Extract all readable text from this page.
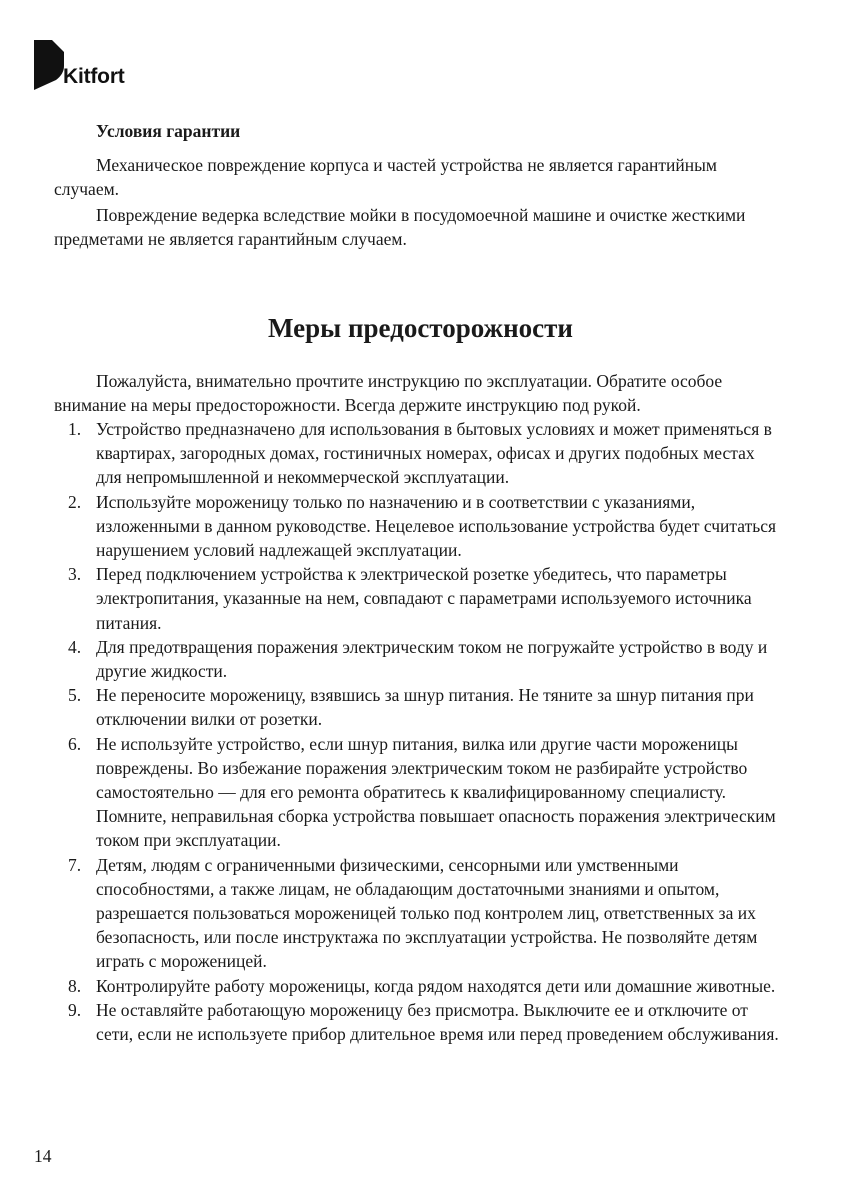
Kitfort
Условия гарантии

Механическое повреждение корпуса и частей устройства не является гарантийным случаем.

Повреждение ведерка вследствие мойки в посудомоечной машине и очистке жесткими предметами не является гарантийным случаем.

Меры предосторожности

Пожалуйста, внимательно прочтите инструкцию по эксплуатации. Обратите особое внимание на меры предосторожности. Всегда держите инструкцию под рукой.

1. Устройство предназначено для использования в бытовых условиях и может применяться в квартирах, загородных домах, гостиничных номерах, офисах и других подобных местах для непромышленной и некоммерческой эксплуатации.
2. Используйте мороженицу только по назначению и в соответствии с указаниями, изложенными в данном руководстве. Нецелевое использование устройства будет считаться нарушением условий надлежащей эксплуатации.
3. Перед подключением устройства к электрической розетке убедитесь, что параметры электропитания, указанные на нем, совпадают с параметрами используемого источника питания.
4. Для предотвращения поражения электрическим током не погружайте устройство в воду и другие жидкости.
5. Не переносите мороженицу, взявшись за шнур питания. Не тяните за шнур питания при отключении вилки от розетки.
6. Не используйте устройство, если шнур питания, вилка или другие части мороженицы повреждены. Во избежание поражения электрическим током не разбирайте устройство самостоятельно — для его ремонта обратитесь к квалифицированному специалисту. Помните, неправильная сборка устройства повышает опасность поражения электрическим током при эксплуатации.
7. Детям, людям с ограниченными физическими, сенсорными или умственными способностями, а также лицам, не обладающим достаточными знаниями и опытом, разрешается пользоваться мороженицей только под контролем лиц, ответственных за их безопасность, или после инструктажа по эксплуатации устройства. Не позволяйте детям играть с мороженицей.
8. Контролируйте работу мороженицы, когда рядом находятся дети или домашние животные.
9. Не оставляйте работающую мороженицу без присмотра. Выключите ее и отключите от сети, если не используете прибор длительное время или перед проведением обслуживания.
14
